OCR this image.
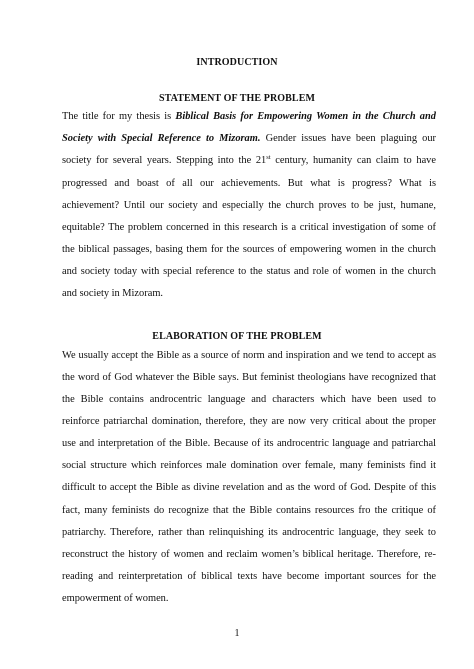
INTRODUCTION
STATEMENT OF THE PROBLEM
The title for my thesis is Biblical Basis for Empowering Women in the Church and
Society with Special Reference to Mizoram. Gender issues have been plaguing our
society for several years. Stepping into the 21st century, humanity can claim to have
progressed and boast of all our achievements. But what is progress? What is
achievement? Until our society and especially the church proves to be just, humane,
equitable? The problem concerned in this research is a critical investigation of some of
the biblical passages, basing them for the sources of empowering women in the church
and society today with special reference to the status and role of women in the church
and society in Mizoram.
ELABORATION OF THE PROBLEM
We usually accept the Bible as a source of norm and inspiration and we tend to accept as
the word of God whatever the Bible says. But feminist theologians have recognized that
the Bible contains androcentric language and characters which have been used to
reinforce patriarchal domination, therefore, they are now very critical about the proper
use and interpretation of the Bible. Because of its androcentric language and patriarchal
social structure which reinforces male domination over female, many feminists find it
difficult to accept the Bible as divine revelation and as the word of God. Despite of this
fact, many feminists do recognize that the Bible contains resources fro the critique of
patriarchy. Therefore, rather than relinquishing its androcentric language, they seek to
reconstruct the history of women and reclaim women’s biblical heritage. Therefore, re-
reading and reinterpretation of biblical texts have become important sources for the
empowerment of women.
1
